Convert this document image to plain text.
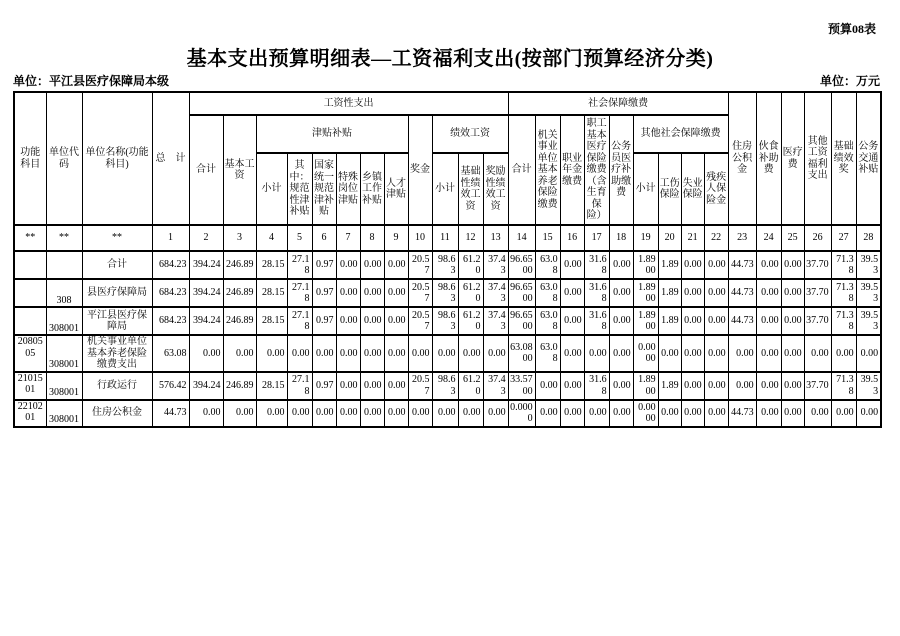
预算08表
基本支出预算明细表—工资福利支出(按部门预算经济分类)
单位：平江县医疗保障局本级	单位：万元
功能科目	单位代码	单位名称(功能科目)	总　计	工资性支出												社会保障缴费									住房公积金	伙食补助费	医疗费	其他工资福利支出	基础绩效奖	公务交通补贴
				合计	基本工资	津贴补贴						奖金	绩效工资			合计	机关事业单位基本养老保险缴费	职业年金缴费	职工基本医疗保险缴费（含生育保险）	公务员医疗补助缴费	其他社会保障缴费									
						小计	其中：规范性津补贴	国家统一规范津补贴	特殊岗位津贴	乡镇工作补贴	人才津贴		小计	基础性绩效工资	奖励性绩效工资						小计	工伤保险	失业保险	残疾人保险金						
**	**	**	1	2	3	4	5	6	7	8	9	10	11	12	13	14	15	16	17	18	19	20	21	22	23	24	25	26	27	28
		合计	684.23	394.24	246.89	28.15	27.18	0.97	0.00	0.00	0.00	20.57	98.63	61.20	37.43	96.6500	63.08	0.00	31.68	0.00	1.8900	1.89	0.00	0.00	44.73	0.00	0.00	37.70	71.38	39.53
	308	县医疗保障局	684.23	394.24	246.89	28.15	27.18	0.97	0.00	0.00	0.00	20.57	98.63	61.20	37.43	96.6500	63.08	0.00	31.68	0.00	1.8900	1.89	0.00	0.00	44.73	0.00	0.00	37.70	71.38	39.53
	308001	平江县医疗保障局	684.23	394.24	246.89	28.15	27.18	0.97	0.00	0.00	0.00	20.57	98.63	61.20	37.43	96.6500	63.08	0.00	31.68	0.00	1.8900	1.89	0.00	0.00	44.73	0.00	0.00	37.70	71.38	39.53
2080505	308001	机关事业单位基本养老保险缴费支出	63.08	0.00	0.00	0.00	0.00	0.00	0.00	0.00	0.00	0.00	0.00	0.00	0.00	63.0800	63.08	0.00	0.00	0.00	0.0000	0.00	0.00	0.00	0.00	0.00	0.00	0.00	0.00	0.00
2101501	308001	行政运行	576.42	394.24	246.89	28.15	27.18	0.97	0.00	0.00	0.00	20.57	98.63	61.20	37.43	33.5700	0.00	0.00	31.68	0.00	1.8900	1.89	0.00	0.00	0.00	0.00	0.00	37.70	71.38	39.53
2210201	308001	住房公积金	44.73	0.00	0.00	0.00	0.00	0.00	0.00	0.00	0.00	0.00	0.00	0.00	0.00	0.0000	0.00	0.00	0.00	0.00	0.0000	0.00	0.00	0.00	44.73	0.00	0.00	0.00	0.00	0.00
